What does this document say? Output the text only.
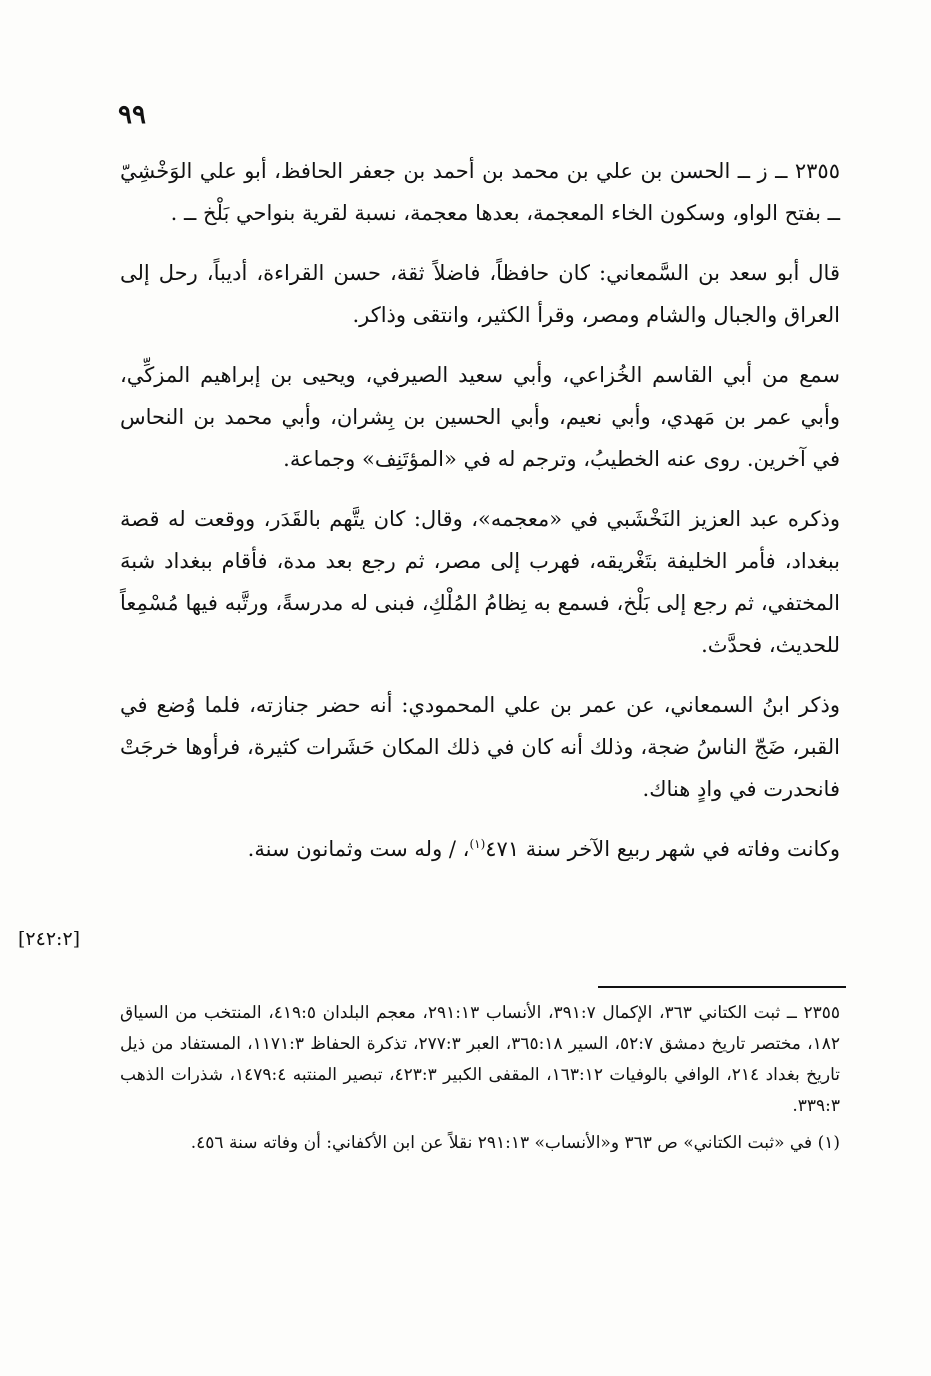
٩٩

٢٣٥٥ ــ ز ــ الحسن بن علي بن محمد بن أحمد بن جعفر الحافظ، أبو علي الوَخْشِيّ ــ بفتح الواو، وسكون الخاء المعجمة، بعدها معجمة، نسبة لقرية بنواحي بَلْخ ــ .

قال أبو سعد بن السَّمعاني: كان حافظاً، فاضلاً ثقة، حسن القراءة، أديباً، رحل إلى العراق والجبال والشام ومصر، وقرأ الكثير، وانتقى وذاكر.

سمع من أبي القاسم الخُزاعي، وأبي سعيد الصيرفي، ويحيى بن إبراهيم المزكِّي، وأبي عمر بن مَهدي، وأبي نعيم، وأبي الحسين بن بِشران، وأبي محمد بن النحاس في آخرين. روى عنه الخطيبُ، وترجم له في «المؤتَنِف» وجماعة.

وذكره عبد العزيز النَخْشَبي في «معجمه»، وقال: كان يتَّهم بالقَدَر، ووقعت له قصة ببغداد، فأمر الخليفة بتَغْريقه، فهرب إلى مصر، ثم رجع بعد مدة، فأقام ببغداد شبهَ المختفي، ثم رجع إلى بَلْخ، فسمع به نِظامُ المُلْكِ، فبنى له مدرسةً، ورتَّبه فيها مُسْمِعاً للحديث، فحدَّث.

وذكر ابنُ السمعاني، عن عمر بن علي المحمودي: أنه حضر جنازته، فلما وُضع في القبر، ضَجّ الناسُ ضجة، وذلك أنه كان في ذلك المكان حَشَرات كثيرة، فرأوها خرجَتْ فانحدرت في وادٍ هناك.

وكانت وفاته في شهر ربيع الآخر سنة ٤٧١$^{(١)}$، / وله ست وثمانون سنة.

[٢٤٢:٢]

٢٣٥٥ ــ ثبت الكتاني ٣٦٣، الإكمال ٣٩١:٧، الأنساب ٢٩١:١٣، معجم البلدان ٤١٩:٥، المنتخب من السياق ١٨٢، مختصر تاريخ دمشق ٥٢:٧، السير ٣٦٥:١٨، العبر ٢٧٧:٣، تذكرة الحفاظ ١١٧١:٣، المستفاد من ذيل تاريخ بغداد ٢١٤، الوافي بالوفيات ١٦٣:١٢، المقفى الكبير ٤٢٣:٣، تبصير المنتبه ١٤٧٩:٤، شذرات الذهب ٣٣٩:٣.

(١) في «ثبت الكتاني» ص ٣٦٣ و«الأنساب» ٢٩١:١٣ نقلاً عن ابن الأكفاني: أن وفاته سنة ٤٥٦.
